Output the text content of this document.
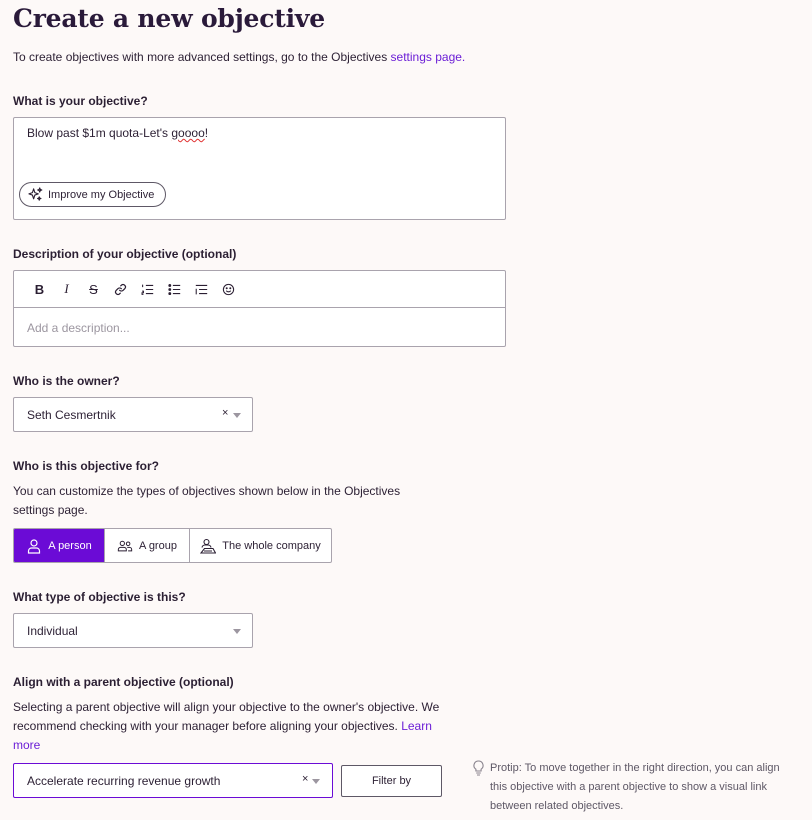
Create a new objective
To create objectives with more advanced settings, go to the Objectives settings page.
What is your objective?
Blow past $1m quota-Let's goooo!
Improve my Objective
Description of your objective (optional)
B	I	S
Add a description...
Who is the owner?
Seth Cesmertnik	×
Who is this objective for?
You can customize the types of objectives shown below in the Objectives settings page.
A person	A group	The whole company
What type of objective is this?
Individual
Align with a parent objective (optional)
Selecting a parent objective will align your objective to the owner's objective. We recommend checking with your manager before aligning your objectives. Learn more
Accelerate recurring revenue growth	×	Filter by
Protip: To move together in the right direction, you can align this objective with a parent objective to show a visual link between related objectives.
